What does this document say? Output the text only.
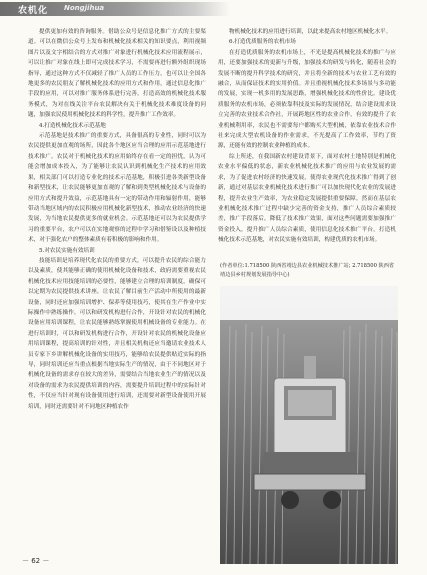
农机化 Nongjihua

提供更加有效的咨询服务。借助公众号是信息化推广方式的主要渠道。可以在微信公众号上发布和机械化技术相关的知识要点，利用视频图片以及文字相结合的方式对推广对象进行机械化技术应用流程展示，可以让推广对象在线上即可完成技术学习，不需要再进行额外组织现场指导，通过这种方式不仅减轻了推广人员的工作压力，也可以让全国各地更多的农民朋友了解机械化技术的应用方式和作用，通过信息化推广手段的应用，可以对推广服务体系进行完善，打造高效的机械化技术服务模式，为对在线关注平台农民解决有关于机械化技术难度设备的问题，加强农民使用机械化技术的科学性，提升推广工作效率。

4.打造机械化技术示范基地

示范基地是技术推广的重要方式，具备很高的专业性，同时可以为农民提供更加直观的场所，因此各个地区应当合理的应用示范基地进行技术推广。农民对于机械化技术的应用始终存在看一定的担忧，认为可能会增加成本投入，为了能够让农民认识到机械化生产技术的应用效果，相关部门可以打造专业化的技术示范基地，积极引进各类新型设备和新型技术，让农民能够更加直观的了解和到类型机械化技术与设备的应用方式和提升效益，示范基地具有一定的带动作用和辐射作用，能够带动当地区域内的农民积极应用机械化新型技术，推动农业经济的快速发展，为当地农民提供更多的就业机会。示范基地还可以为农民提供学习的重要平台，农户可以在实地观察的过程中学习和借鉴设以及种植技术，对于强化农户的整体素质有着积极的影响和作用。

5.对农民实施有效培训

技能培训是培养现代化农民的重要方式，可以提升农民的综合能力以及素质，使其能够正确的使用机械化设备和技术，政府需要重视农民机械化技术应用技能培训的必要性，能够建立合理的培训制度，确保可以定期为农民提供技术讲座，让农民了解目前生产活动中所使用的最新设备，同时还应加强培训增护、保养等使用技巧，使其在生产作业中实际操作中熟练操作，可以和研发机构进行合作，开设针对农民的机械化设备应用培训课程，让农民能够熟练掌握使用机械设备的专业能力。在进行培训时，可以和研发机构进行合作，开设针对农民的机械化设备应用培训课程，提高培训的针对性，并且相关机构还应当邀请农业技术人员专家下乡讲解机械化设备的实用技巧，能够给农民提供贴近实际的指导，同时培训还应当重点根据当地实际生产的情况，由于不同地区对于机械化设备的需求存在较大的差异，需要结合当地农业生产的情况以及对设备的需求为农民提供培训的内容，需要提升培训过程中的实际针对性，不仅应当针对现有设备使用进行培训，还需要对新型设备使用开展培训，同时还需要针对不同地区种植农作

物机械化技术的应用进行培训，以此来提高农村地区机械化水平。

6.打造优质服务的农机市场

在打造优质服务的农机市场上，不光是提高机械化技术的推广与应用，还要加强技术的更新与升级，加强技术的研发与转化，随着社会的发展不断的提升科学技术的研究，并且将全新的技术与农业工艺有效的融合，从而保证技术的实用价值。并且重视机械化技术多场景与多功能的发展，实现一机多用的发展思路，增强机械化技术的性价比。建设优质服务的农机市场，必须依靠科技及实际的发展情况，结合建设需求设立完善的农业技术合作社，开展跨地区性的农业合作，有效的提升了农业机械利用率，农民也不需要每户都购买大型机械，依靠农业技术合作社来完成大型农机设备的作业需求，不光提高了工作效率，节约了资源，还能有效的控制农业种植的成本。

综上所述，在我国新农村建设背景下，面对农村土地特别是机械化农业水平偏低的状态，新农业机械化技术推广的应用与农业发展的需求，为了促进农村经济的快速发展，使得农业现代化技术推广得到了创新，通过对基层农业机械化技术进行推广可以加快现代化农业的发展进程，提升农业生产效率，为农业稳定发展提供重要保障。然而在基层农业机械化技术推广过程中缺少完善的资金支持，推广人员综合素质较差，推广手段落后，降低了技术推广效果，面对这些问题需要加强推广资金投入，提升推广人员综合素质，使用信息化技术推广平台，打造机械化技术示范基地，对农民实施有效培训，构建优质的农机市场。

(作者单位:1.718500 陕西省靖边县农业机械技术推广站; 2.718500 陕西省靖边县乡村规划发展指导中心)
－ 62 －
